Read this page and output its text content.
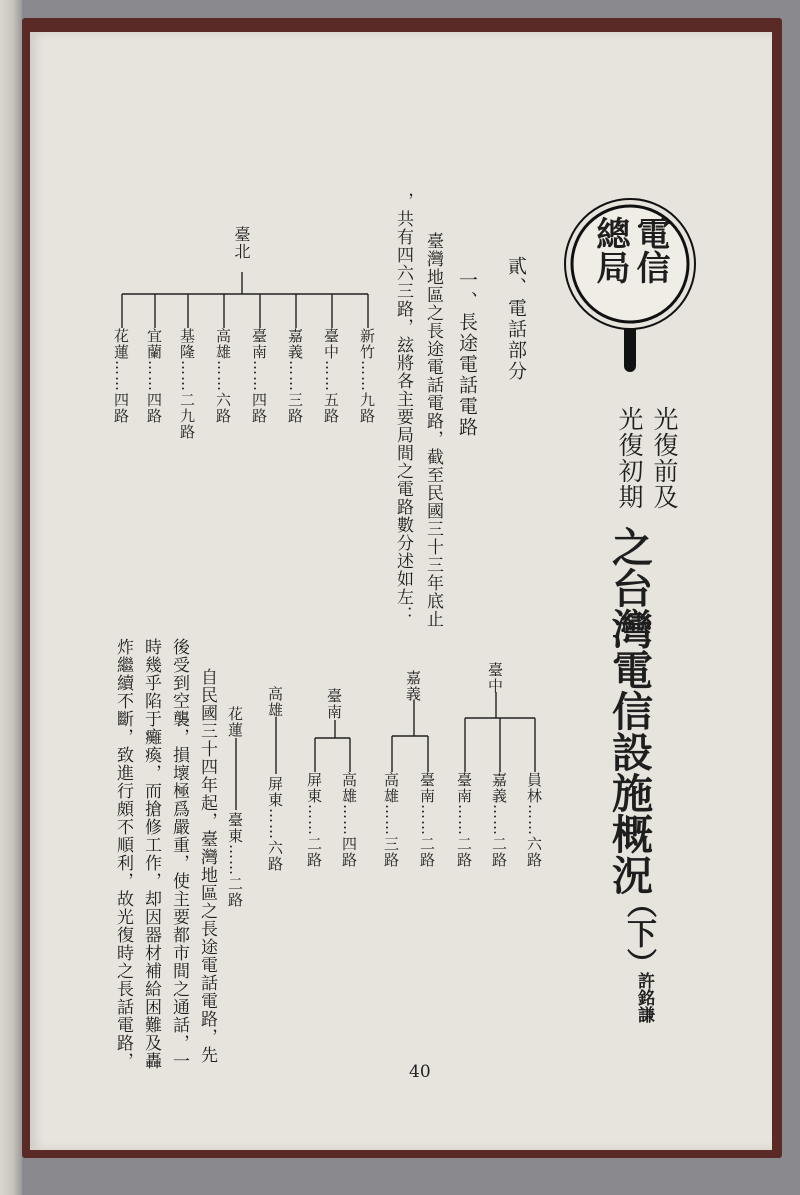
電信總局
光復前及
光復初期
之台灣電信設施概況
（下）
許銘謙
貳、電話部分
一、長途電話電路
臺灣地區之長途電話電路，截至民國三十三年底止
，共有四六三路，玆將各主要局間之電路數分述如左：
臺北
新竹……九路
臺中……五路
嘉義……三路
臺南……四路
高雄……六路
基隆……二九路
宜蘭……四路
花蓮……四路
臺中
員林……六路
嘉義……二路
臺南……二路
嘉義
臺南……二路
高雄……三路
臺南
高雄……四路
屏東……二路
高雄
屏東……六路
花蓮
臺東……二路
自民國三十四年起，臺灣地區之長途電話電路，先
後受到空襲，損壞極爲嚴重，使主要都市間之通話，一
時幾乎陷于癱瘓，而搶修工作，却因器材補給困難及轟
炸繼續不斷，致進行頗不順利，故光復時之長話電路，
40
